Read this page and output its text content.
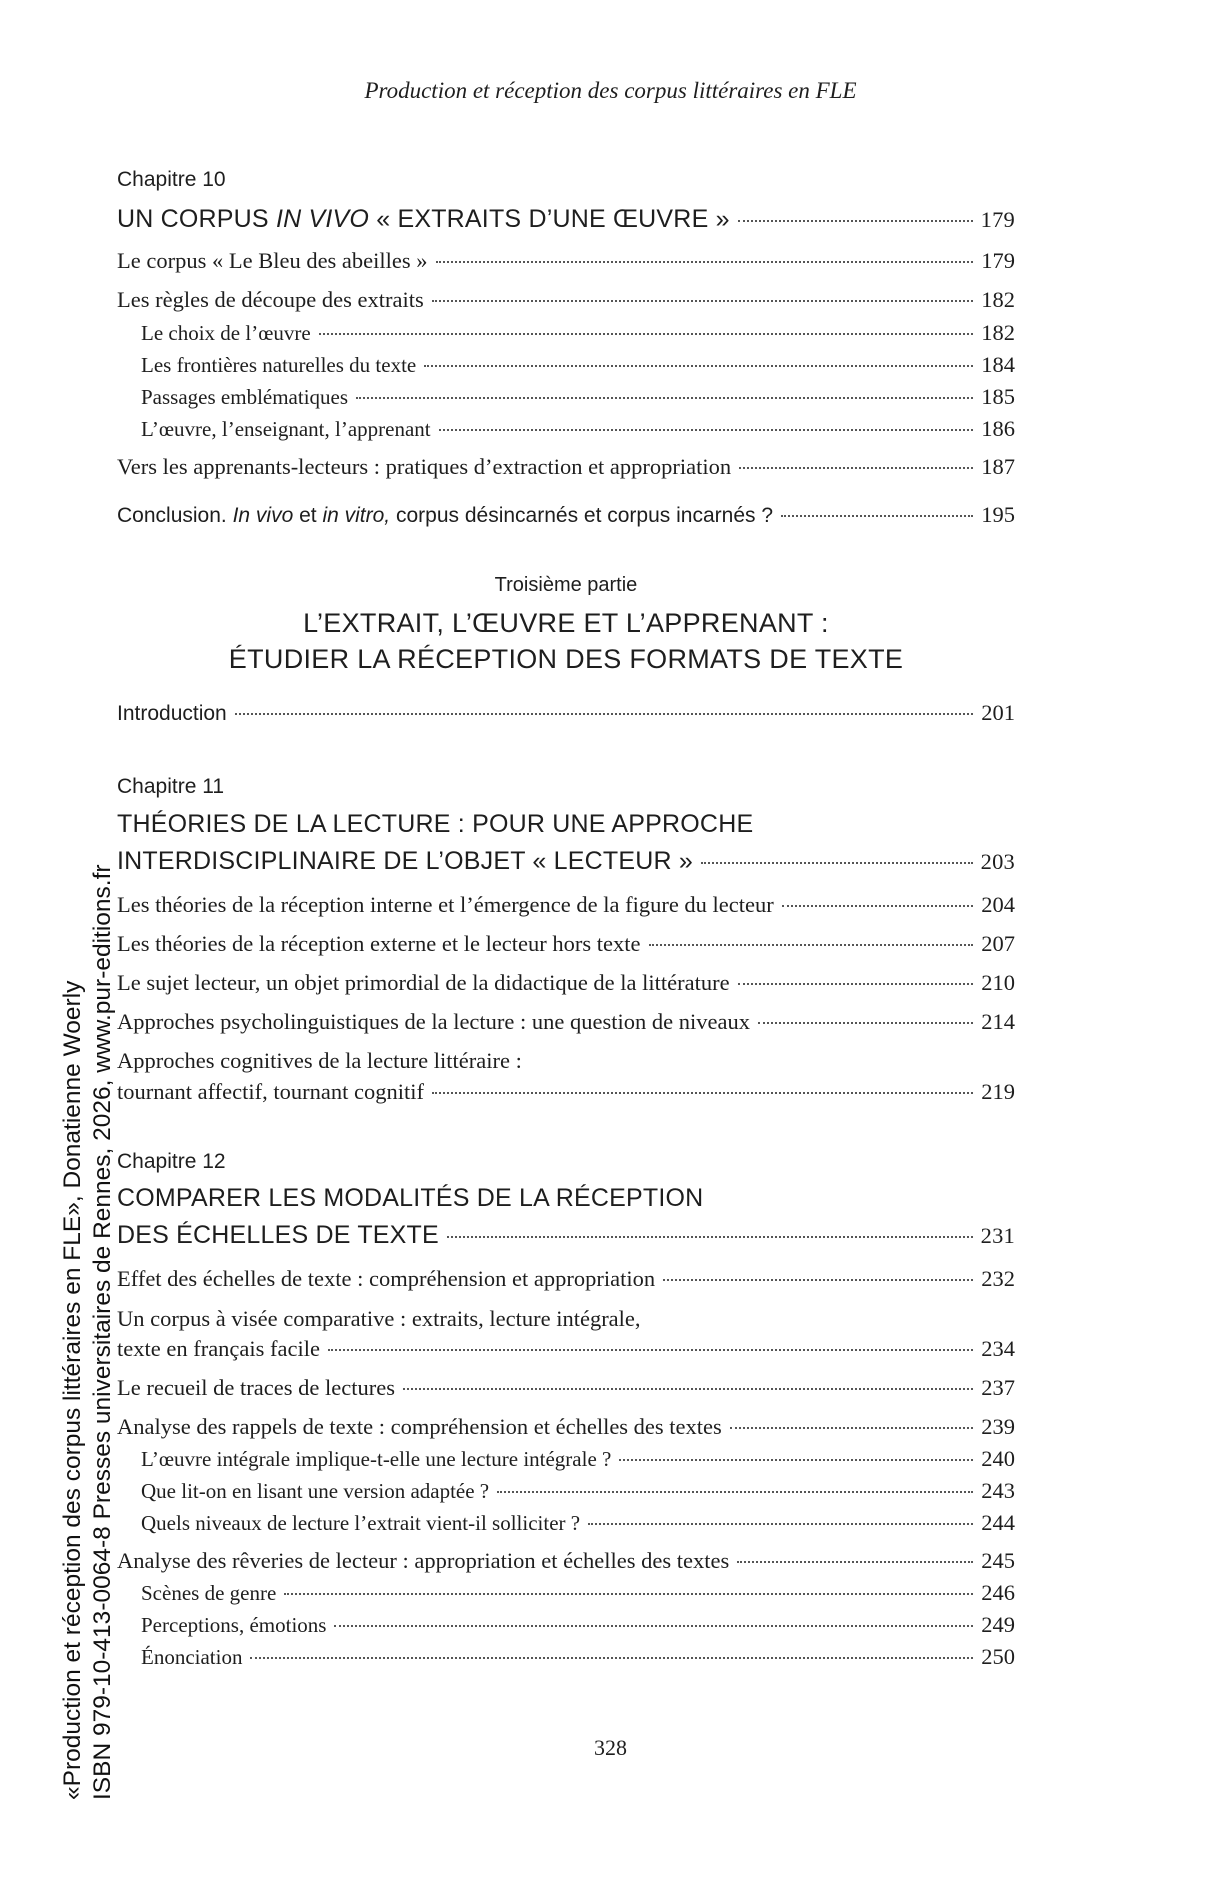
Production et réception des corpus littéraires en FLE
Chapitre 10
UN CORPUS IN VIVO « EXTRAITS D’UNE ŒUVRE »	179
Le corpus « Le Bleu des abeilles »	179
Les règles de découpe des extraits	182
Le choix de l’œuvre	182
Les frontières naturelles du texte	184
Passages emblématiques	185
L’œuvre, l’enseignant, l’apprenant	186
Vers les apprenants-lecteurs : pratiques d’extraction et appropriation	187
Conclusion. In vivo et in vitro, corpus désincarnés et corpus incarnés ?	195
Troisième partie
L’EXTRAIT, L’ŒUVRE ET L’APPRENANT :
ÉTUDIER LA RÉCEPTION DES FORMATS DE TEXTE
Introduction	201
Chapitre 11
THÉORIES DE LA LECTURE : POUR UNE APPROCHE
INTERDISCIPLINAIRE DE L’OBJET « LECTEUR »	203
Les théories de la réception interne et l’émergence de la figure du lecteur	204
Les théories de la réception externe et le lecteur hors texte	207
Le sujet lecteur, un objet primordial de la didactique de la littérature	210
Approches psycholinguistiques de la lecture : une question de niveaux	214
Approches cognitives de la lecture littéraire :
tournant affectif, tournant cognitif	219
Chapitre 12
COMPARER LES MODALITÉS DE LA RÉCEPTION
DES ÉCHELLES DE TEXTE	231
Effet des échelles de texte : compréhension et appropriation	232
Un corpus à visée comparative : extraits, lecture intégrale,
texte en français facile	234
Le recueil de traces de lectures	237
Analyse des rappels de texte : compréhension et échelles des textes	239
L’œuvre intégrale implique-t-elle une lecture intégrale ?	240
Que lit-on en lisant une version adaptée ?	243
Quels niveaux de lecture l’extrait vient-il solliciter ?	244
Analyse des rêveries de lecteur : appropriation et échelles des textes	245
Scènes de genre	246
Perceptions, émotions	249
Énonciation	250
328
«Production et réception des corpus littéraires en FLE», Donatienne Woerly ISBN 979-10-413-0064-8 Presses universitaires de Rennes, 2026, www.pur-editions.fr
